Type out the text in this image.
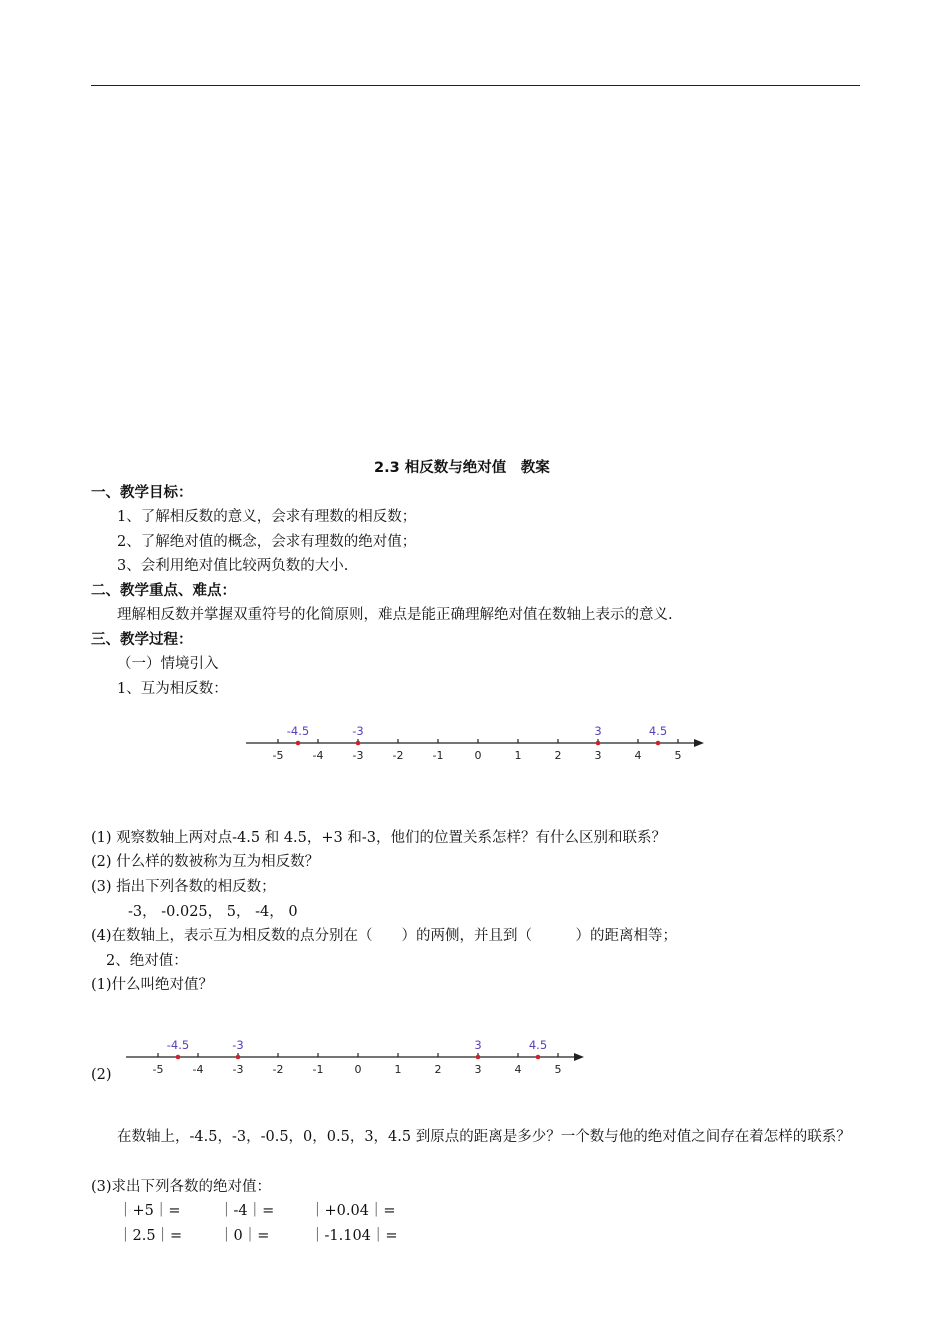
2.3 相反数与绝对值　教案
一、教学目标：
1、了解相反数的意义，会求有理数的相反数；
2、了解绝对值的概念，会求有理数的绝对值；
3、会利用绝对值比较两负数的大小.
二、教学重点、难点：
理解相反数并掌握双重符号的化简原则，难点是能正确理解绝对值在数轴上表示的意义.
三、教学过程：
（一）情境引入
1、互为相反数：
-5	-4	-3	-2	-1	0	1	2	3	4	5
-4.5	-3	3	4.5
(1) 观察数轴上两对点-4.5 和 4.5，+3 和-3，他们的位置关系怎样？有什么区别和联系？
(2) 什么样的数被称为互为相反数？
(3) 指出下列各数的相反数；
-3， -0.025， 5， -4， 0
(4)在数轴上，表示互为相反数的点分别在（　　）的两侧，并且到（　　　）的距离相等；
2、绝对值：
(1)什么叫绝对值？
(2)	-5	-4	-3	-2	-1	0	1	2	3	4	5
-4.5	-3	3	4.5
在数轴上，-4.5，-3，-0.5，0，0.5，3，4.5 到原点的距离是多少？一个数与他的绝对值之间存在着怎样的联系？
(3)求出下列各数的绝对值：
｜+5｜=	｜-4｜= ｜+0.04｜=
｜2.5｜=	｜0｜=	｜-1.104｜=
